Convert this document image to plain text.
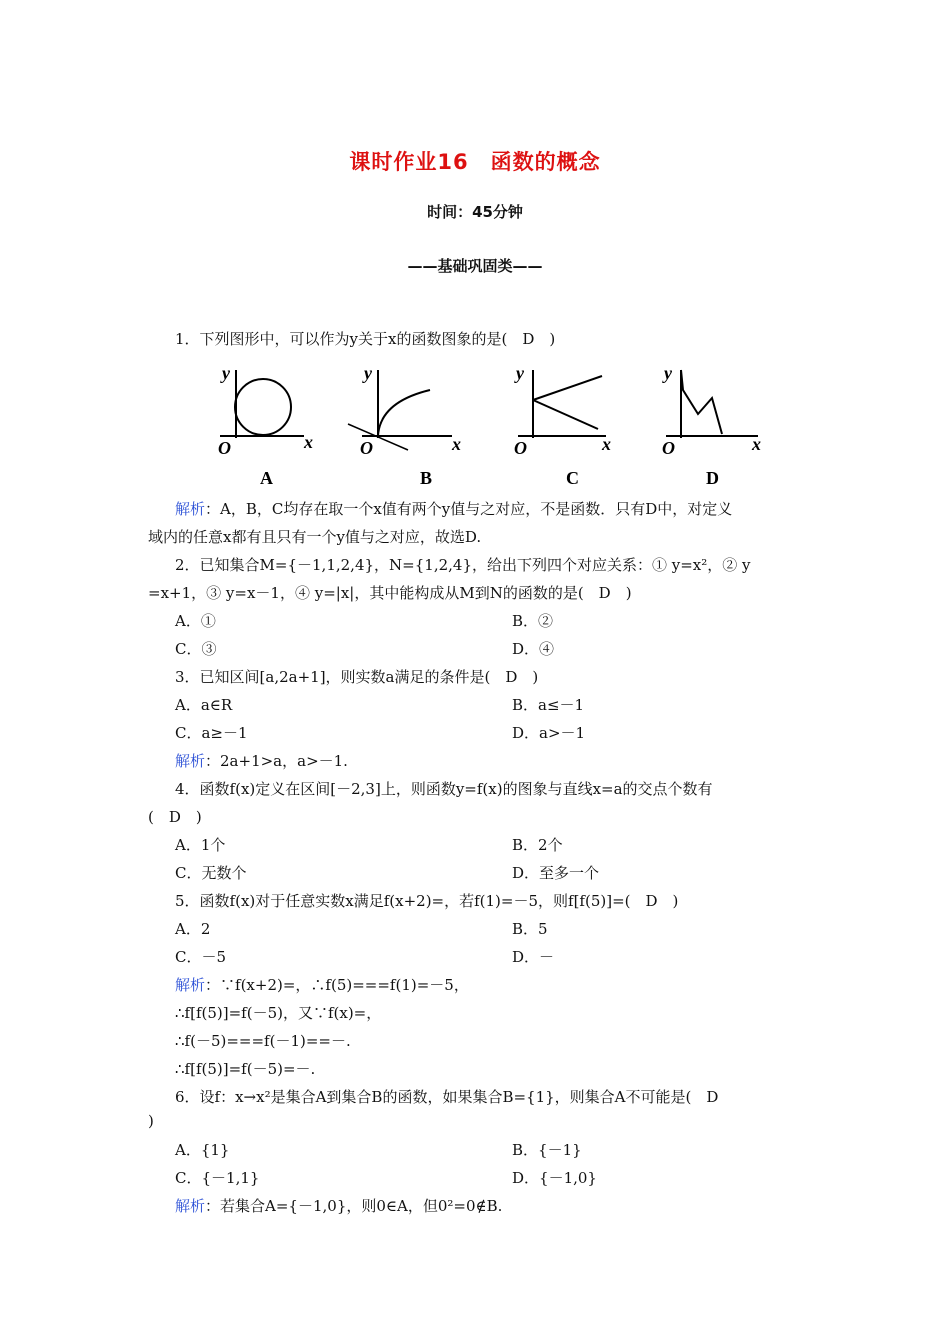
课时作业16　函数的概念
时间：45分钟
——基础巩固类——
1．下列图形中，可以作为y关于x的函数图象的是(　D　)
y
x
O
A
y
x
O
B
y
x
O
C
y
x
O
D
解析：A，B，C均存在取一个x值有两个y值与之对应，不是函数．只有D中，对定义
域内的任意x都有且只有一个y值与之对应，故选D.
2．已知集合M={－1,1,2,4}，N={1,2,4}，给出下列四个对应关系：① y=x²，② y
=x+1，③ y=x－1，④ y=|x|，其中能构成从M到N的函数的是(　D　)
A．①	B．②
C．③	D．④
3．已知区间[a,2a+1]，则实数a满足的条件是(　D　)
A．a∈R	B．a≤－1
C．a≥－1	D．a>－1
解析：2a+1>a，a>－1.
4．函数f(x)定义在区间[－2,3]上，则函数y=f(x)的图象与直线x=a的交点个数有
(　D　)
A．1个	B．2个
C．无数个	D．至多一个
5．函数f(x)对于任意实数x满足f(x+2)=，若f(1)=－5，则f[f(5)]=(　D　)
A．2	B．5
C．－5	D．－
解析：∵f(x+2)=，∴f(5)===f(1)=－5，
∴f[f(5)]=f(－5)，又∵f(x)=，
∴f(－5)===f(－1)==－.
∴f[f(5)]=f(－5)=－.
6．设f：x→x²是集合A到集合B的函数，如果集合B={1}，则集合A不可能是(　D
)
A．{1}	B．{－1}
C．{－1,1}	D．{－1,0}
解析：若集合A={－1,0}，则0∈A，但0²=0∉B.
